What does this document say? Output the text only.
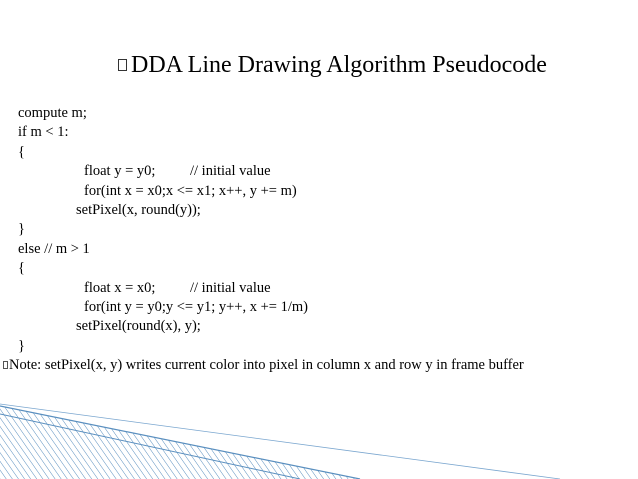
DDA Line Drawing Algorithm Pseudocode
compute m;
if m < 1:
{
float y = y0; // initial value
for(int x = x0;x <= x1; x++, y += m)
setPixel(x, round(y));
}
else // m > 1
{
float x = x0; // initial value
for(int y = y0;y <= y1; y++, x += 1/m)
setPixel(round(x), y);
}
Note: setPixel(x, y) writes current color into pixel in column x and row y in frame buffer
